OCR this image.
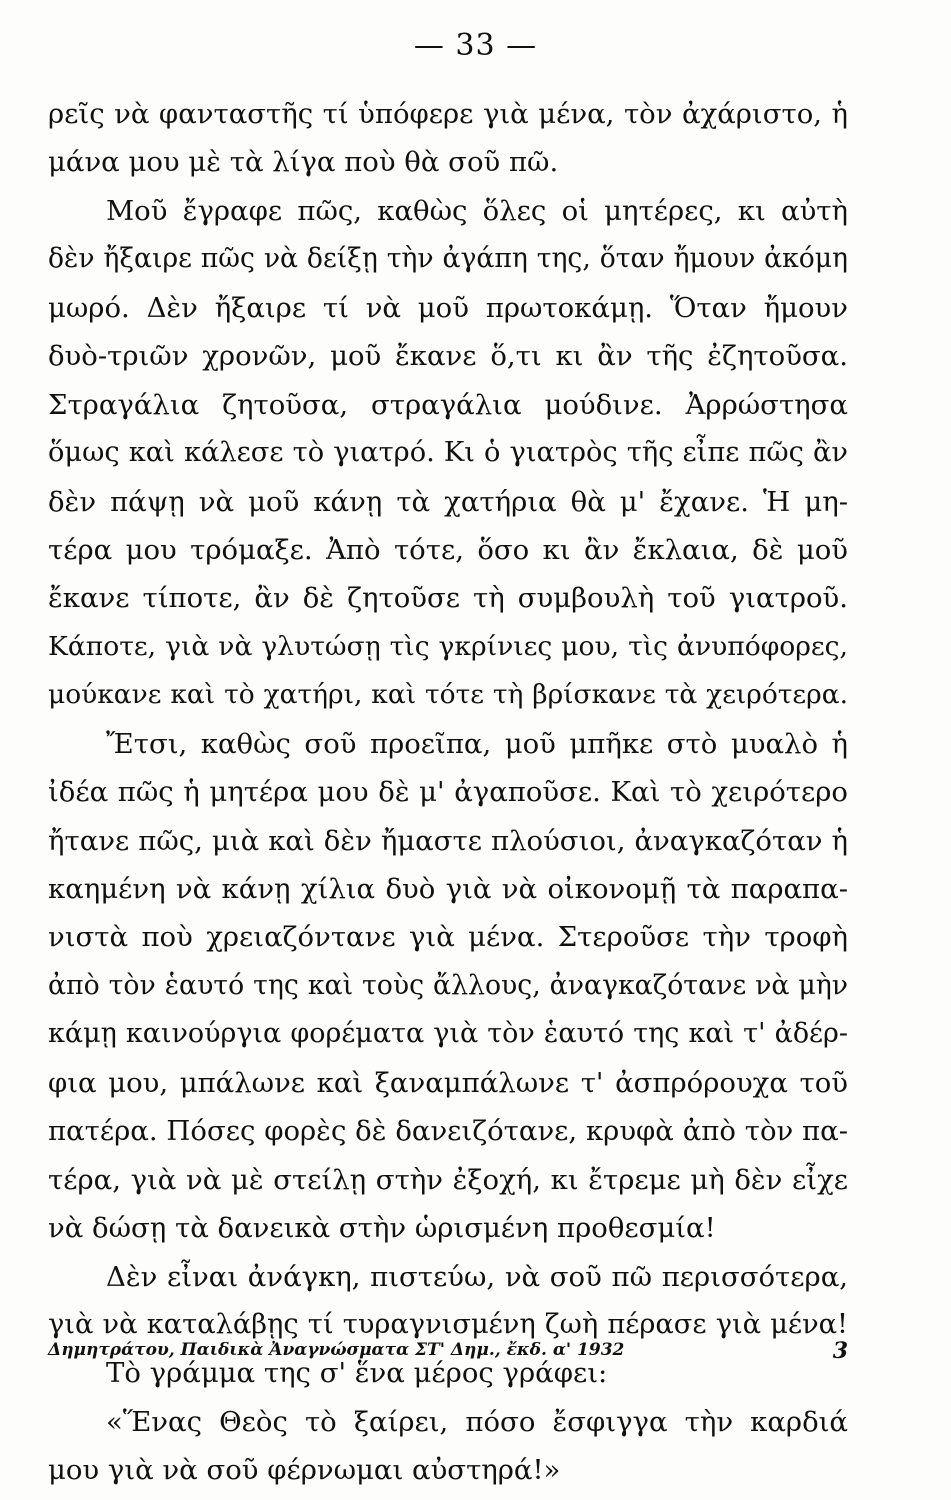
— 33 —
ρεῖς νὰ φανταστῆς τί ὑπόφερε γιὰ μένα, τὸν ἀχάριστο, ἡ
μάνα μου μὲ τὰ λίγα ποὺ θὰ σοῦ πῶ.
Μοῦ ἔγραφε πῶς, καθὼς ὅλες οἱ μητέρες, κι αὐτὴ
δὲν ἤξαιρε πῶς νὰ δείξῃ τὴν ἀγάπη της, ὅταν ἤμουν ἀκόμη
μωρό. Δὲν ἤξαιρε τί νὰ μοῦ πρωτοκάμῃ. Ὅταν ἤμουν
δυὸ-τριῶν χρονῶν, μοῦ ἔκανε ὅ,τι κι ἂν τῆς ἐζητοῦσα.
Στραγάλια ζητοῦσα, στραγάλια μούδινε. Ἀρρώστησα
ὅμως καὶ κάλεσε τὸ γιατρό. Κι ὁ γιατρὸς τῆς εἶπε πῶς ἂν
δὲν πάψῃ νὰ μοῦ κάνῃ τὰ χατήρια θὰ μ' ἔχανε. Ἡ μη-
τέρα μου τρόμαξε. Ἀπὸ τότε, ὅσο κι ἂν ἔκλαια, δὲ μοῦ
ἔκανε τίποτε, ἂν δὲ ζητοῦσε τὴ συμβουλὴ τοῦ γιατροῦ.
Κάποτε, γιὰ νὰ γλυτώσῃ τὶς γκρίνιες μου, τὶς ἀνυπόφορες,
μούκανε καὶ τὸ χατήρι, καὶ τότε τὴ βρίσκανε τὰ χειρότερα.
Ἔτσι, καθὼς σοῦ προεῖπα, μοῦ μπῆκε στὸ μυαλὸ ἡ
ἰδέα πῶς ἡ μητέρα μου δὲ μ' ἀγαποῦσε. Καὶ τὸ χειρότερο
ἤτανε πῶς, μιὰ καὶ δὲν ἤμαστε πλούσιοι, ἀναγκαζόταν ἡ
καημένη νὰ κάνῃ χίλια δυὸ γιὰ νὰ οἰκονομῇ τὰ παραπα-
νιστὰ ποὺ χρειαζόντανε γιὰ μένα. Στεροῦσε τὴν τροφὴ
ἀπὸ τὸν ἑαυτό της καὶ τοὺς ἄλλους, ἀναγκαζότανε νὰ μὴν
κάμῃ καινούργια φορέματα γιὰ τὸν ἑαυτό της καὶ τ' ἀδέρ-
φια μου, μπάλωνε καὶ ξαναμπάλωνε τ' ἀσπρόρουχα τοῦ
πατέρα. Πόσες φορὲς δὲ δανειζότανε, κρυφὰ ἀπὸ τὸν πα-
τέρα, γιὰ νὰ μὲ στείλῃ στὴν ἐξοχή, κι ἔτρεμε μὴ δὲν εἶχε
νὰ δώσῃ τὰ δανεικὰ στὴν ὡρισμένη προθεσμία!
Δὲν εἶναι ἀνάγκη, πιστεύω, νὰ σοῦ πῶ περισσότερα,
γιὰ νὰ καταλάβῃς τί τυραγνισμένη ζωὴ πέρασε γιὰ μένα!
Τὸ γράμμα της σ' ἕνα μέρος γράφει:
«Ἕνας Θεὸς τὸ ξαίρει, πόσο ἔσφιγγα τὴν καρδιά
μου γιὰ νὰ σοῦ φέρνωμαι αὐστηρά!»
Δημητράτου, Παιδικὰ Ἀναγνώσματα ΣΤ' Δημ., ἔκδ. α' 1932	3
